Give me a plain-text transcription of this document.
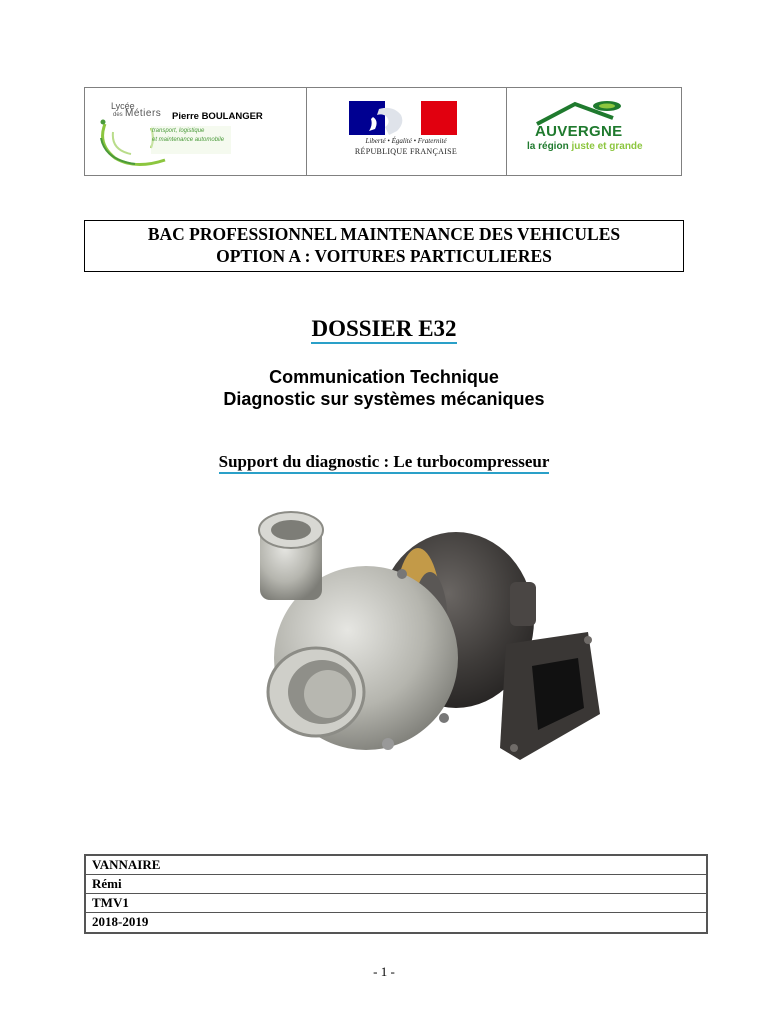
Lycée
des Métiers Pierre BOULANGER
transport, logistique
et maintenance automobile	Liberté • Égalité • Fraternité
RÉPUBLIQUE FRANÇAISE
AUVERGNE
la région juste et grande
BAC PROFESSIONNEL MAINTENANCE DES VEHICULES
OPTION A : VOITURES PARTICULIERES
DOSSIER E32
Communication Technique
Diagnostic sur systèmes mécaniques
Support du diagnostic : Le turbocompresseur
VANNAIRE
Rémi
TMV1
2018-2019
- 1 -
